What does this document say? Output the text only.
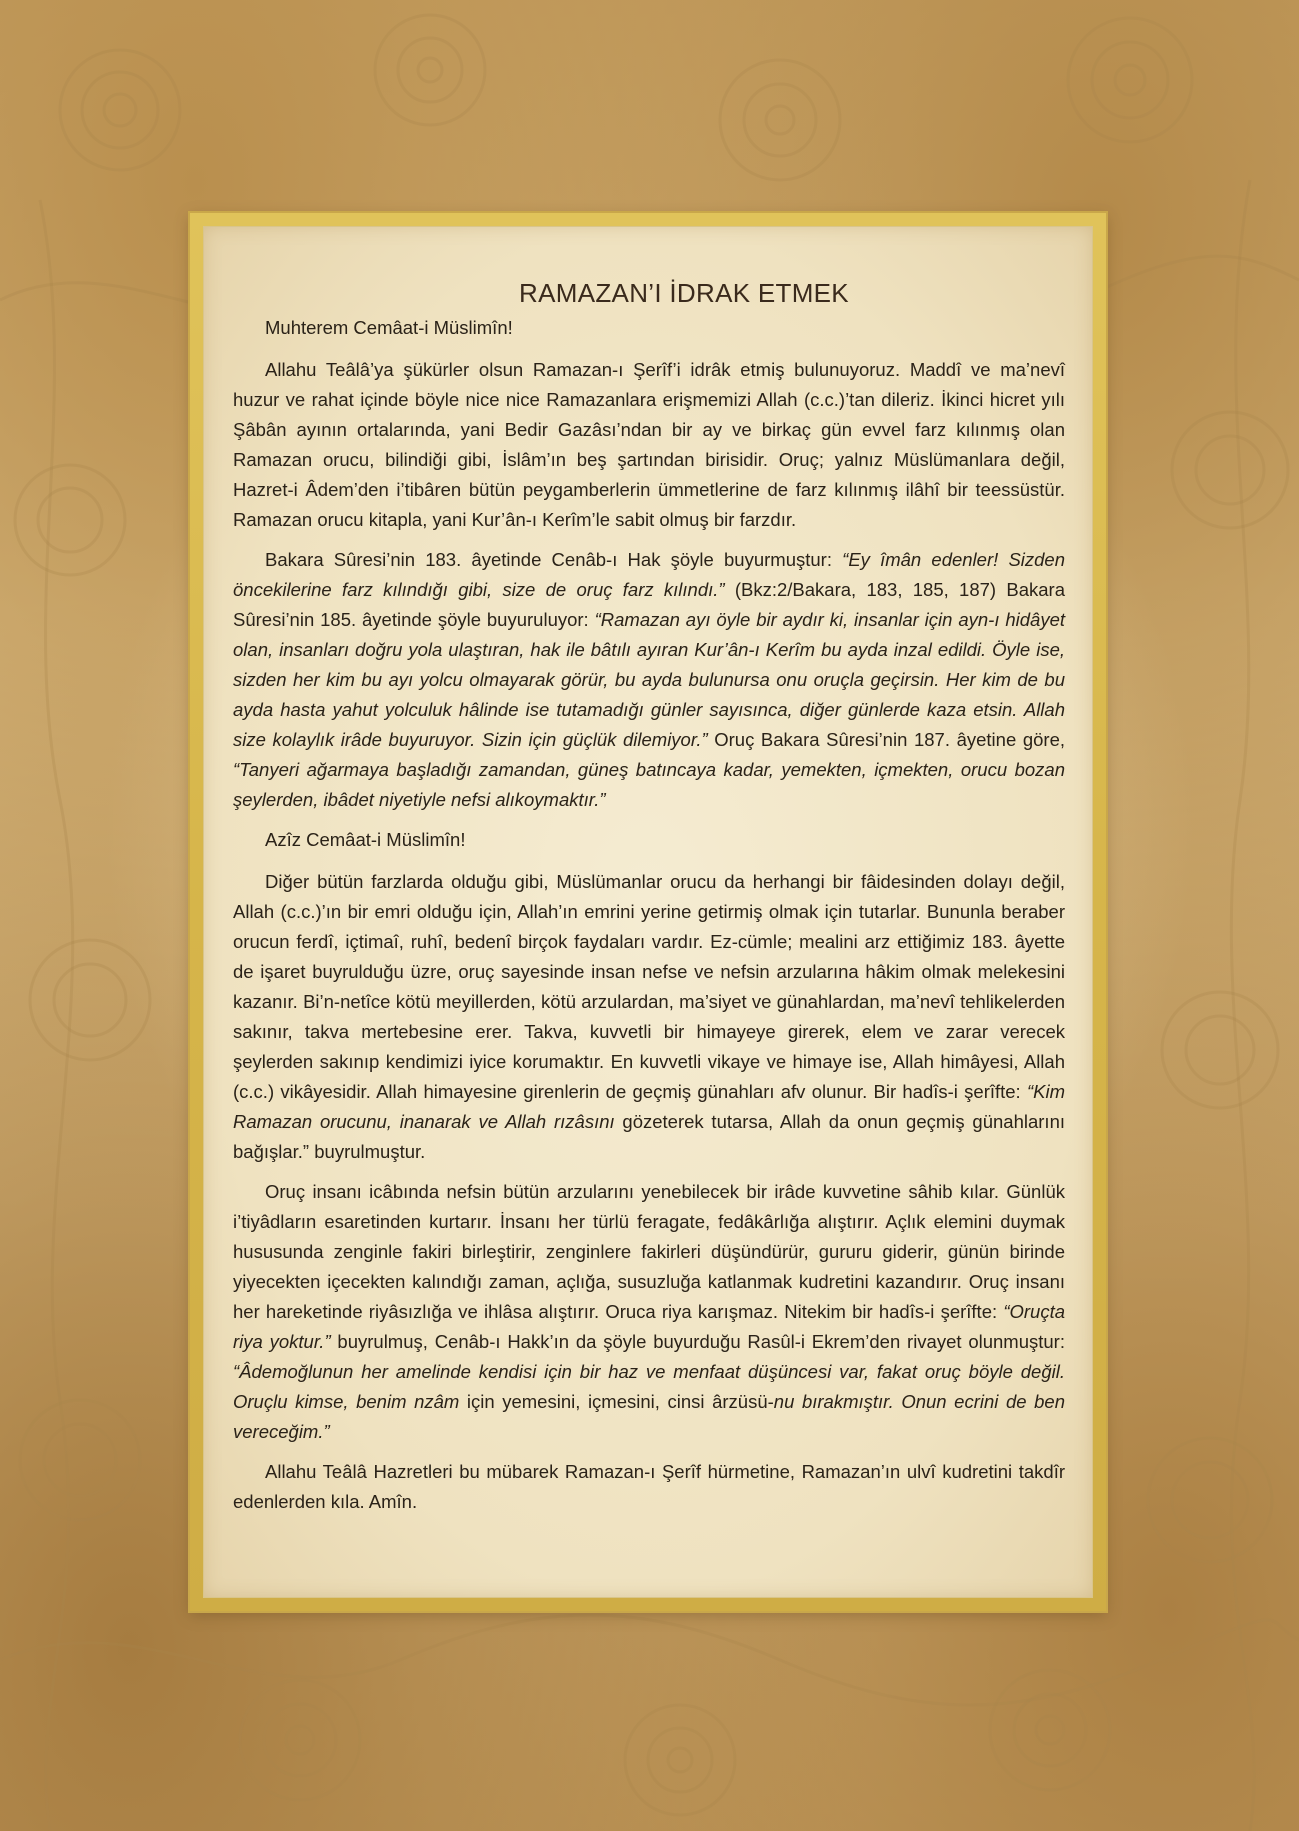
RAMAZAN’I İDRAK ETMEK

Muhterem Cemâat-i Müslimîn!

Allahu Teâlâ’ya şükürler olsun Ramazan-ı Şerîf’i idrâk etmiş bulunuyoruz. Maddî ve ma’nevî huzur ve rahat içinde böyle nice nice Ramazanlara erişmemizi Allah (c.c.)’tan dileriz. İkinci hicret yılı Şâbân ayının ortalarında, yani Bedir Gazâsı’ndan bir ay ve birkaç gün evvel farz kılınmış olan Ramazan orucu, bilindiği gibi, İslâm’ın beş şartından birisidir. Oruç; yalnız Müslümanlara değil, Hazret-i Âdem’den i’tibâren bütün peygamberlerin ümmetlerine de farz kılınmış ilâhî bir teessüstür. Ramazan orucu kitapla, yani Kur’ân-ı Kerîm’le sabit olmuş bir farzdır.

Bakara Sûresi’nin 183. âyetinde Cenâb-ı Hak şöyle buyurmuştur: “Ey îmân edenler! Sizden öncekilerine farz kılındığı gibi, size de oruç farz kılındı.” (Bkz:2/Bakara, 183, 185, 187) Bakara Sûresi’nin 185. âyetinde şöyle buyuruluyor: “Ramazan ayı öyle bir aydır ki, insanlar için ayn-ı hidâyet olan, insanları doğru yola ulaştıran, hak ile bâtılı ayıran Kur’ân-ı Kerîm bu ayda inzal edildi. Öyle ise, sizden her kim bu ayı yolcu olmayarak görür, bu ayda bulunursa onu oruçla geçirsin. Her kim de bu ayda hasta yahut yolculuk hâlinde ise tutamadığı günler sayısınca, diğer günlerde kaza etsin. Allah size kolaylık irâde buyuruyor. Sizin için güçlük dilemiyor.” Oruç Bakara Sûresi’nin 187. âyetine göre, “Tanyeri ağarmaya başladığı zamandan, güneş batıncaya kadar, yemekten, içmekten, orucu bozan şeylerden, ibâdet niyetiyle nefsi alıkoymaktır.”

Azîz Cemâat-i Müslimîn!

Diğer bütün farzlarda olduğu gibi, Müslümanlar orucu da herhangi bir fâidesinden dolayı değil, Allah (c.c.)’ın bir emri olduğu için, Allah’ın emrini yerine getirmiş olmak için tutarlar. Bununla beraber orucun ferdî, içtimaî, ruhî, bedenî birçok faydaları vardır. Ez-cümle; mealini arz ettiğimiz 183. âyette de işaret buyrulduğu üzre, oruç sayesinde insan nefse ve nefsin arzularına hâkim olmak melekesini kazanır. Bi’n-netîce kötü meyillerden, kötü arzulardan, ma’siyet ve günahlardan, ma’nevî tehlikelerden sakınır, takva mertebesine erer. Takva, kuvvetli bir himayeye girerek, elem ve zarar verecek şeylerden sakınıp kendimizi iyice korumaktır. En kuvvetli vikaye ve himaye ise, Allah himâyesi, Allah (c.c.) vikâyesidir. Allah himayesine girenlerin de geçmiş günahları afv olunur. Bir hadîs-i şerîfte: “Kim Ramazan orucunu, inanarak ve Allah rızâsını gözeterek tutarsa, Allah da onun geçmiş günahlarını bağışlar.” buyrulmuştur.

Oruç insanı icâbında nefsin bütün arzularını yenebilecek bir irâde kuvvetine sâhib kılar. Günlük i’tiyâdların esaretinden kurtarır. İnsanı her türlü feragate, fedâkârlığa alıştırır. Açlık elemini duymak hususunda zenginle fakiri birleştirir, zenginlere fakirleri düşündürür, gururu giderir, günün birinde yiyecekten içecekten kalındığı zaman, açlığa, susuzluğa katlanmak kudretini kazandırır. Oruç insanı her hareketinde riyâsızlığa ve ihlâsa alıştırır. Oruca riya karışmaz. Nitekim bir hadîs-i şerîfte: “Oruçta riya yoktur.” buyrulmuş, Cenâb-ı Hakk’ın da şöyle buyurduğu Rasûl-i Ekrem’den rivayet olunmuştur: “Âdemoğlunun her amelinde kendisi için bir haz ve menfaat düşüncesi var, fakat oruç böyle değil. Oruçlu kimse, benim nzâm için yemesini, içmesini, cinsi ârzüsü-nu bırakmıştır. Onun ecrini de ben vereceğim.”

Allahu Teâlâ Hazretleri bu mübarek Ramazan-ı Şerîf hürmetine, Ramazan’ın ulvî kudretini takdîr edenlerden kıla. Amîn.
